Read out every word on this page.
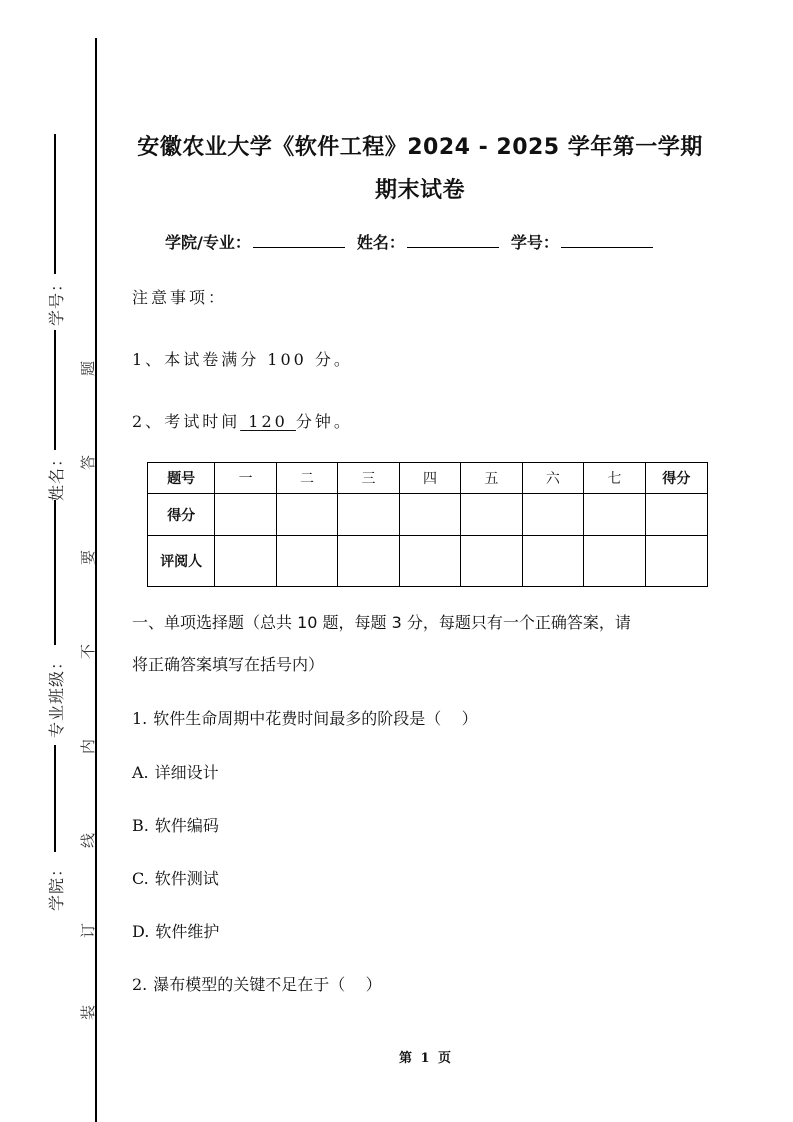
学号：
姓名：
专业班级：
学院：
题
答
要
不
内
线
订
装
安徽农业大学《软件工程》2024 - 2025 学年第一学期
期末试卷
学院/专业：	姓名：	学号：
注意事项：
1、本试卷满分 100 分。
2、考试时间 120 分钟。
题号	一	二	三	四	五	六	七	得分
得分								
评阅人								
一、单项选择题（总共 10 题，每题 3 分，每题只有一个正确答案，请
将正确答案填写在括号内）
1. 软件生命周期中花费时间最多的阶段是（    ）
A. 详细设计
B. 软件编码
C. 软件测试
D. 软件维护
2. 瀑布模型的关键不足在于（    ）
第 1 页
